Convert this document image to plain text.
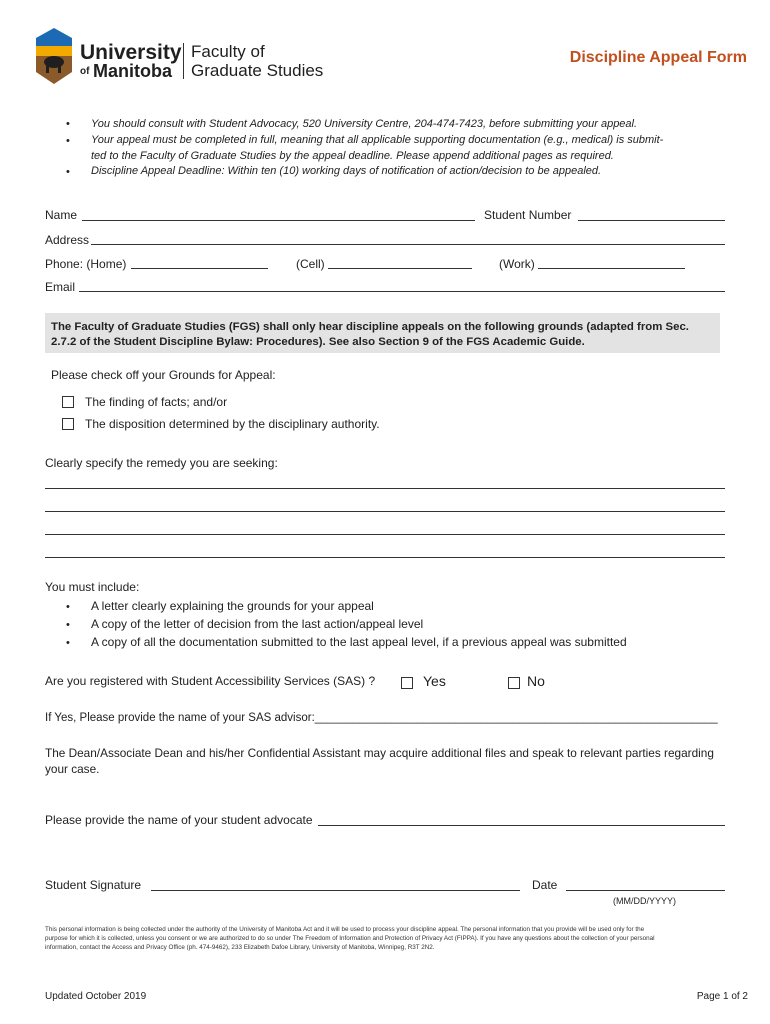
University
of Manitoba
Faculty of
Graduate Studies
Discipline Appeal Form
• You should consult with Student Advocacy, 520 University Centre, 204-474-7423, before submitting your appeal.
• Your appeal must be completed in full, meaning that all applicable supporting documentation (e.g., medical) is submit-
ted to the Faculty of Graduate Studies by the appeal deadline. Please append additional pages as required.
• Discipline Appeal Deadline: Within ten (10) working days of notification of action/decision to be appealed.
Name	Student Number
Address
Phone: (Home)	(Cell)	(Work)
Email
The Faculty of Graduate Studies (FGS) shall only hear discipline appeals on the following grounds (adapted from Sec.
2.7.2 of the Student Discipline Bylaw: Procedures). See also Section 9 of the FGS Academic Guide.
Please check off your Grounds for Appeal:
The finding of facts; and/or
The disposition determined by the disciplinary authority.
Clearly specify the remedy you are seeking:
You must include:
• A letter clearly explaining the grounds for your appeal
• A copy of the letter of decision from the last action/appeal level
• A copy of all the documentation submitted to the last appeal level, if a previous appeal was submitted
Are you registered with Student Accessibility Services (SAS) ?	Yes	No
If Yes, Please provide the name of your SAS advisor:_______________________________________________________________
The Dean/Associate Dean and his/her Confidential Assistant may acquire additional files and speak to relevant parties regarding
your case.
Please provide the name of your student advocate
Student Signature	Date
(MM/DD/YYYY)
This personal information is being collected under the authority of the University of Manitoba Act and it will be used to process your discipline appeal. The personal information that you provide will be used only for the
purpose for which it is collected, unless you consent or we are authorized to do so under The Freedom of Information and Protection of Privacy Act (FIPPA). If you have any questions about the collection of your personal
information, contact the Access and Privacy Office (ph. 474-9462), 233 Elizabeth Dafoe Library, University of Manitoba, Winnipeg, R3T 2N2.
Updated October 2019	Page 1 of 2
